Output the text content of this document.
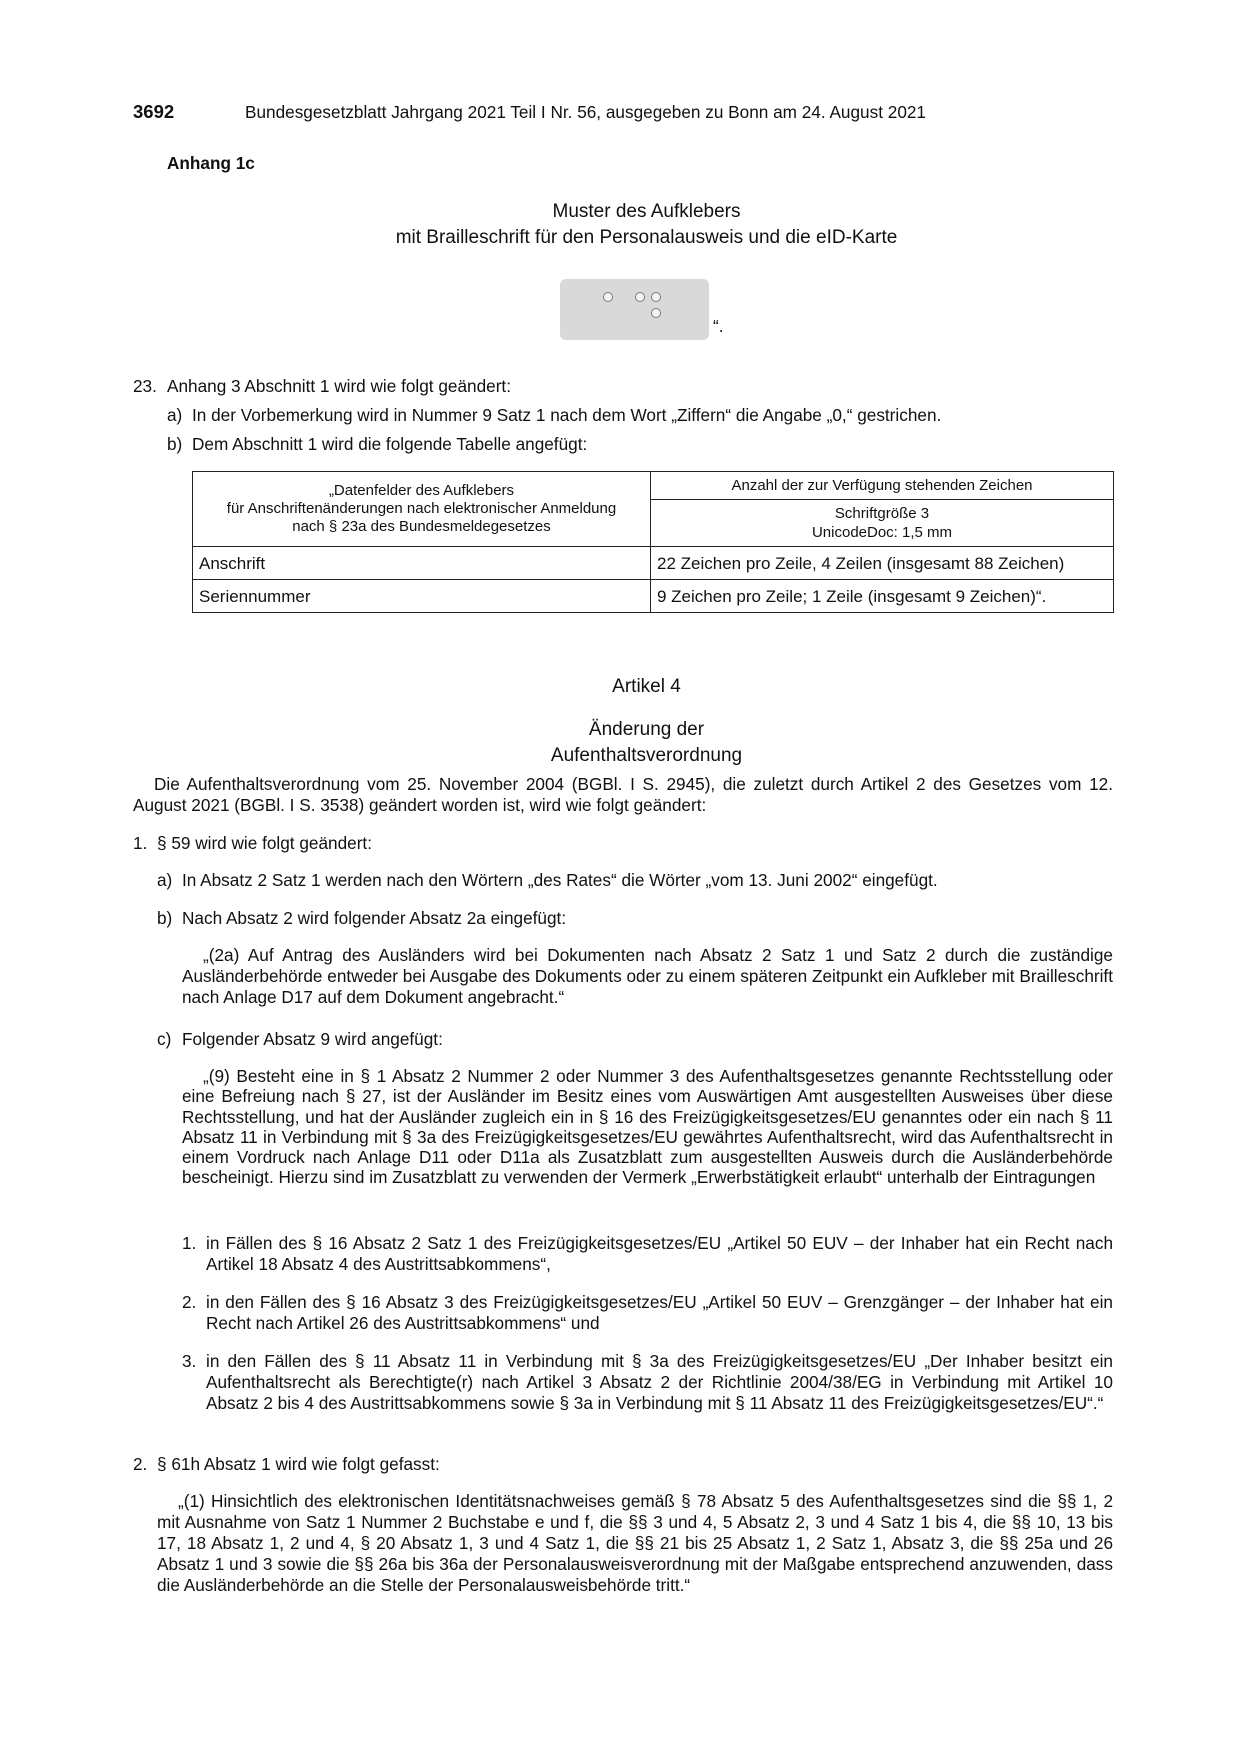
3692	Bundesgesetzblatt Jahrgang 2021 Teil I Nr. 56, ausgegeben zu Bonn am 24. August 2021
Anhang 1c
Muster des Aufklebers
mit Brailleschrift für den Personalausweis und die eID-Karte
“.
23. Anhang 3 Abschnitt 1 wird wie folgt geändert:
a) In der Vorbemerkung wird in Nummer 9 Satz 1 nach dem Wort „Ziffern“ die Angabe „0,“ gestrichen.
b) Dem Abschnitt 1 wird die folgende Tabelle angefügt:
„Datenfelder des Aufklebers
für Anschriftenänderungen nach elektronischer Anmeldung
nach § 23a des Bundesmeldegesetzes	Anzahl der zur Verfügung stehenden Zeichen

	Schriftgröße 3
UnicodeDoc: 1,5 mm

Anschrift	22 Zeichen pro Zeile, 4 Zeilen (insgesamt 88 Zeichen)
Seriennummer	9 Zeichen pro Zeile; 1 Zeile (insgesamt 9 Zeichen)“.
Artikel 4
Änderung der
Aufenthaltsverordnung
Die Aufenthaltsverordnung vom 25. November 2004 (BGBl. I S. 2945), die zuletzt durch Artikel 2 des Gesetzes vom 12. August 2021 (BGBl. I S. 3538) geändert worden ist, wird wie folgt geändert:
1. § 59 wird wie folgt geändert:
a) In Absatz 2 Satz 1 werden nach den Wörtern „des Rates“ die Wörter „vom 13. Juni 2002“ eingefügt.
b) Nach Absatz 2 wird folgender Absatz 2a eingefügt:
„(2a) Auf Antrag des Ausländers wird bei Dokumenten nach Absatz 2 Satz 1 und Satz 2 durch die zuständige Ausländerbehörde entweder bei Ausgabe des Dokuments oder zu einem späteren Zeitpunkt ein Aufkleber mit Brailleschrift nach Anlage D17 auf dem Dokument angebracht.“
c) Folgender Absatz 9 wird angefügt:
„(9) Besteht eine in § 1 Absatz 2 Nummer 2 oder Nummer 3 des Aufenthaltsgesetzes genannte Rechtsstellung oder eine Befreiung nach § 27, ist der Ausländer im Besitz eines vom Auswärtigen Amt ausgestellten Ausweises über diese Rechtsstellung, und hat der Ausländer zugleich ein in § 16 des Freizügigkeitsgesetzes/EU genanntes oder ein nach § 11 Absatz 11 in Verbindung mit § 3a des Freizügigkeitsgesetzes/EU gewährtes Aufenthaltsrecht, wird das Aufenthaltsrecht in einem Vordruck nach Anlage D11 oder D11a als Zusatzblatt zum ausgestellten Ausweis durch die Ausländerbehörde bescheinigt. Hierzu sind im Zusatzblatt zu verwenden der Vermerk „Erwerbstätigkeit erlaubt“ unterhalb der Eintragungen
1. in Fällen des § 16 Absatz 2 Satz 1 des Freizügigkeitsgesetzes/EU „Artikel 50 EUV – der Inhaber hat ein Recht nach Artikel 18 Absatz 4 des Austrittsabkommens“,
2. in den Fällen des § 16 Absatz 3 des Freizügigkeitsgesetzes/EU „Artikel 50 EUV – Grenzgänger – der Inhaber hat ein Recht nach Artikel 26 des Austrittsabkommens“ und
3. in den Fällen des § 11 Absatz 11 in Verbindung mit § 3a des Freizügigkeitsgesetzes/EU „Der Inhaber besitzt ein Aufenthaltsrecht als Berechtigte(r) nach Artikel 3 Absatz 2 der Richtlinie 2004/38/EG in Verbindung mit Artikel 10 Absatz 2 bis 4 des Austrittsabkommens sowie § 3a in Verbindung mit § 11 Absatz 11 des Freizügigkeitsgesetzes/EU“.“
2. § 61h Absatz 1 wird wie folgt gefasst:
„(1) Hinsichtlich des elektronischen Identitätsnachweises gemäß § 78 Absatz 5 des Aufenthaltsgesetzes sind die §§ 1, 2 mit Ausnahme von Satz 1 Nummer 2 Buchstabe e und f, die §§ 3 und 4, 5 Absatz 2, 3 und 4 Satz 1 bis 4, die §§ 10, 13 bis 17, 18 Absatz 1, 2 und 4, § 20 Absatz 1, 3 und 4 Satz 1, die §§ 21 bis 25 Absatz 1, 2 Satz 1, Absatz 3, die §§ 25a und 26 Absatz 1 und 3 sowie die §§ 26a bis 36a der Personalausweisverordnung mit der Maßgabe entsprechend anzuwenden, dass die Ausländerbehörde an die Stelle der Personalausweisbehörde tritt.“
